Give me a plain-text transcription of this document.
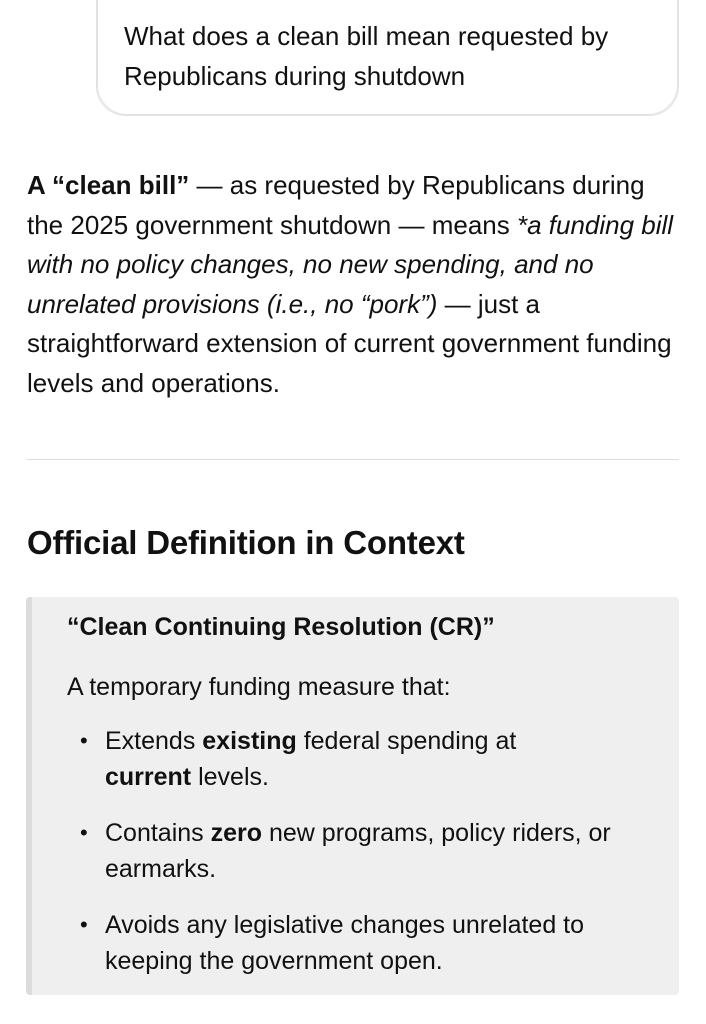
What does a clean bill mean requested by
Republicans during shutdown
A “clean bill” — as requested by Republicans during the 2025 government shutdown — means *a funding bill with no policy changes, no new spending, and no unrelated provisions (i.e., no “pork”) — just a straightforward extension of current government funding levels and operations.
Official Definition in Context
“Clean Continuing Resolution (CR)”
A temporary funding measure that:
• Extends existing federal spending at
current levels.
• Contains zero new programs, policy riders, or earmarks.
• Avoids any legislative changes unrelated to keeping the government open.
